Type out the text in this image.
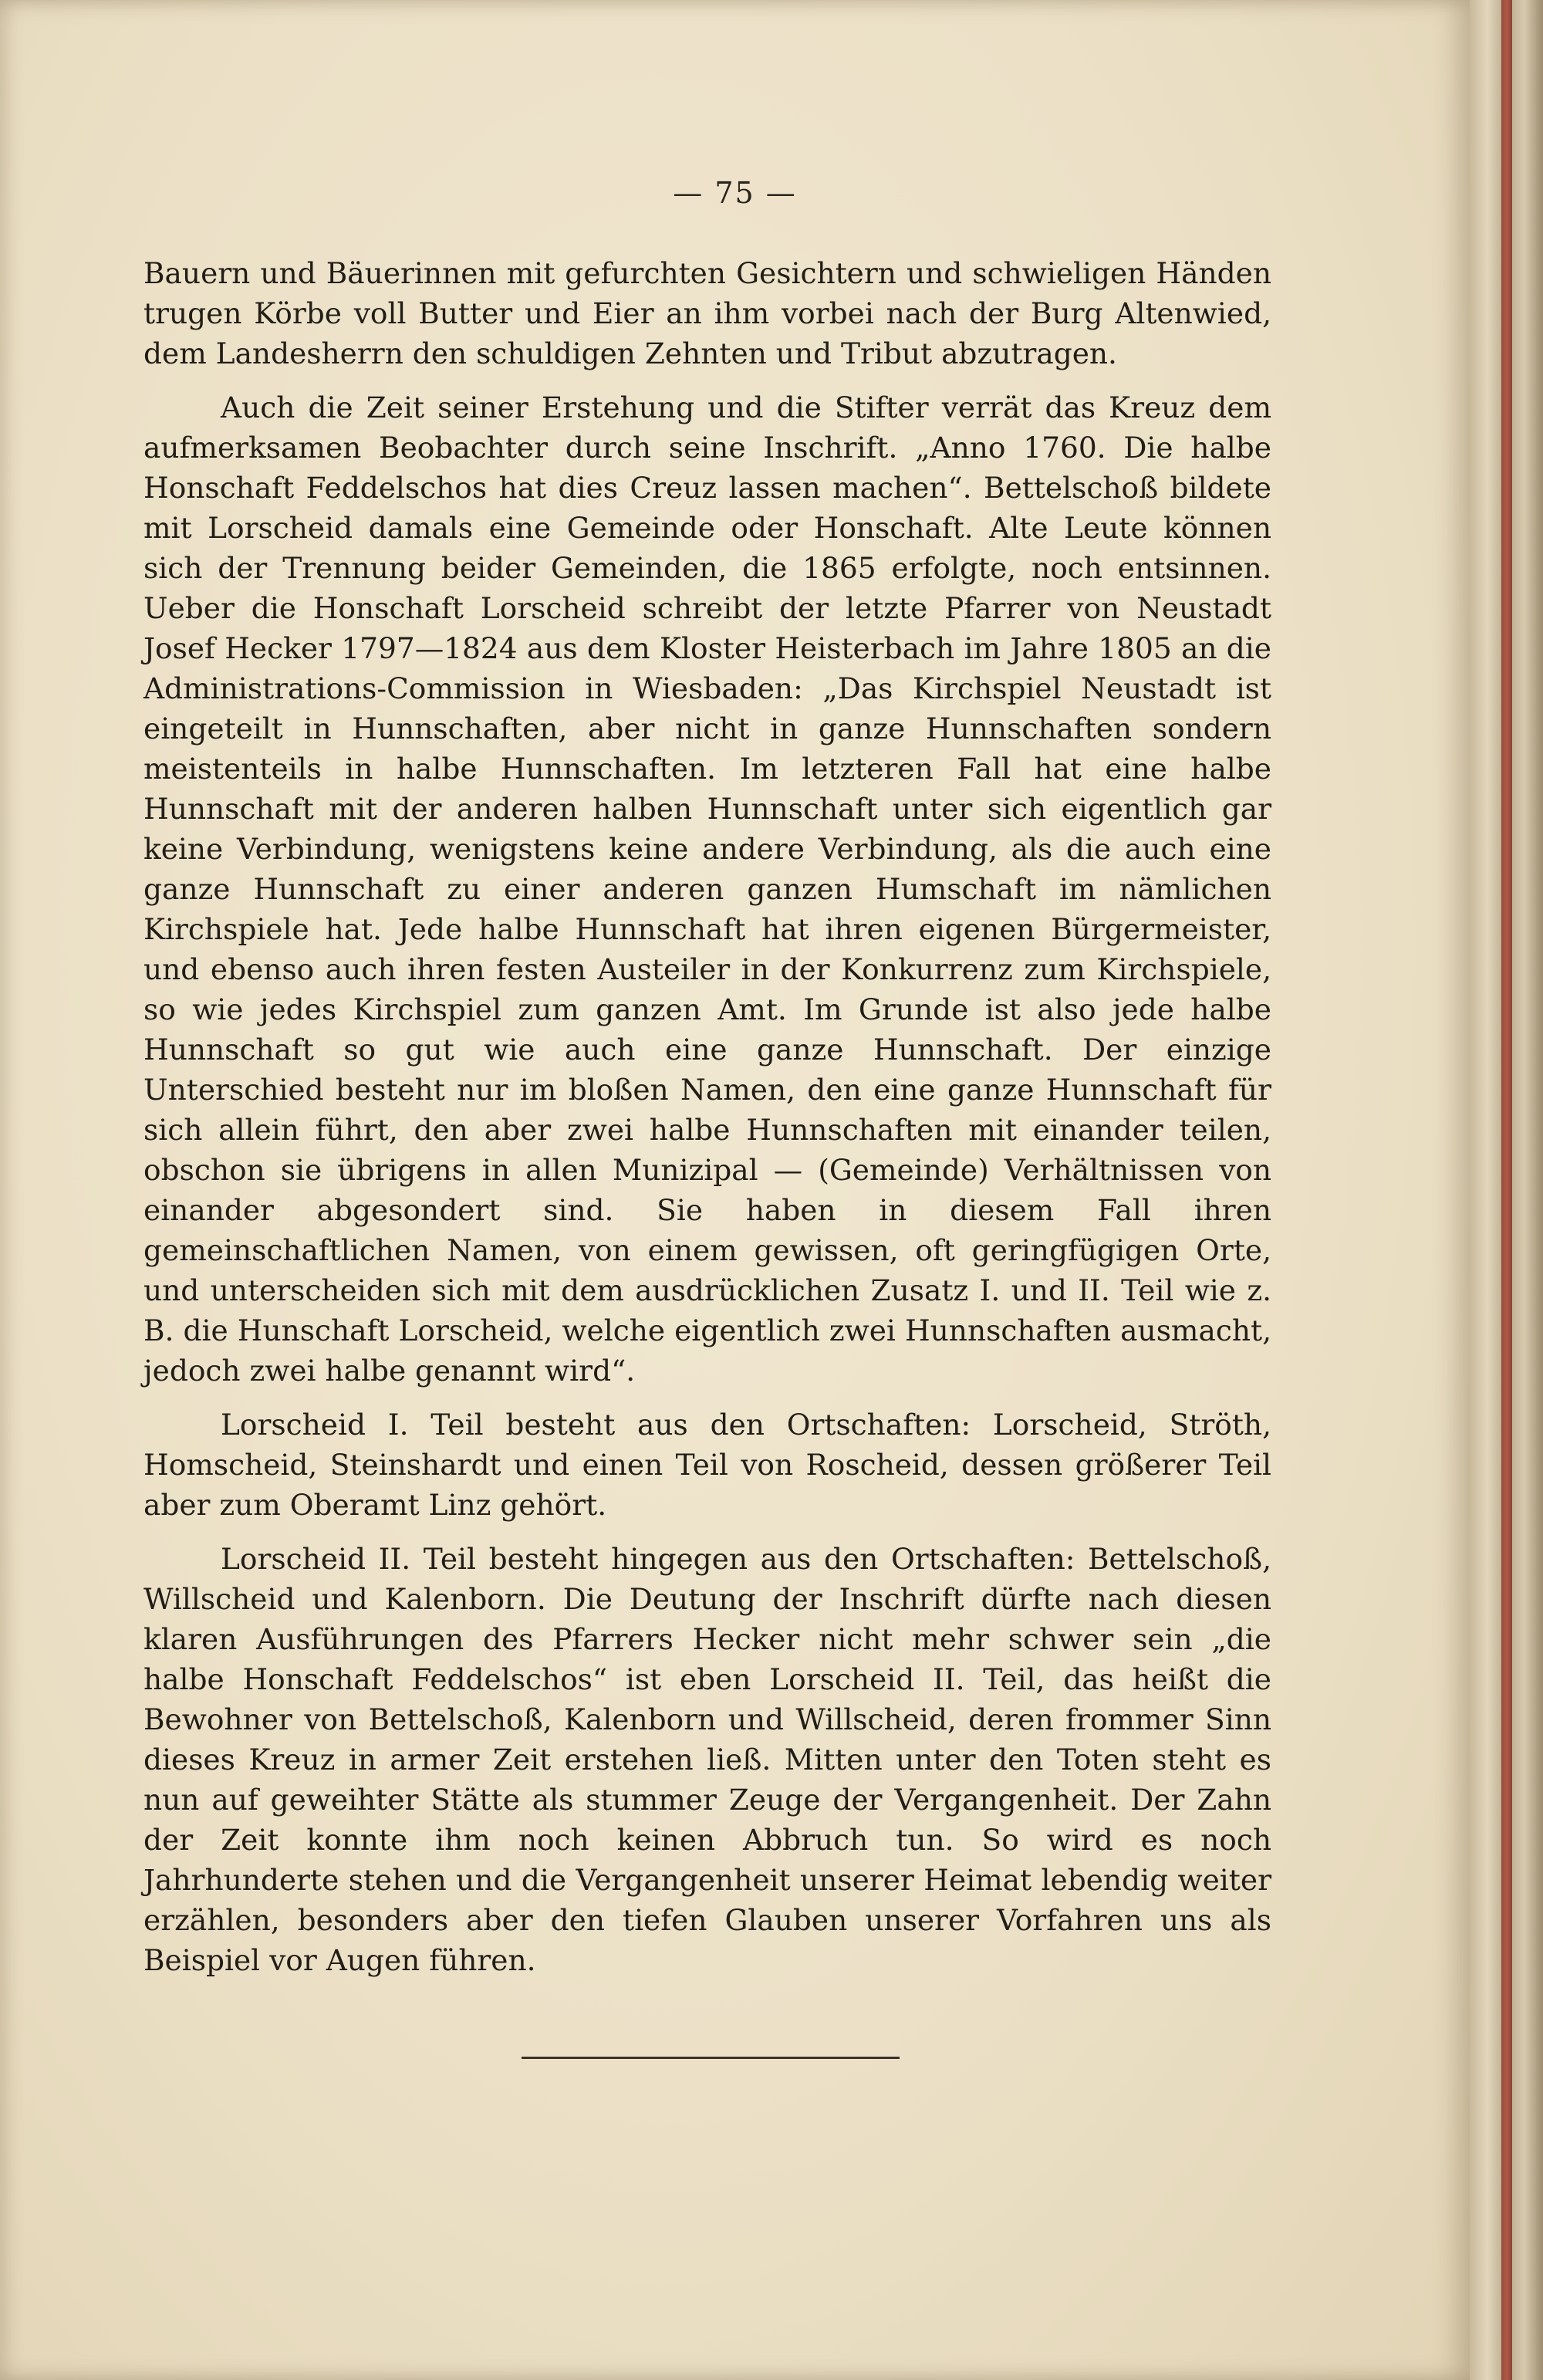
— 75 —

Bauern und Bäuerinnen mit gefurchten Gesichtern und schwieligen Händen trugen Körbe voll Butter und Eier an ihm vorbei nach der Burg Altenwied, dem Landesherrn den schuldigen Zehnten und Tribut abzutragen.

Auch die Zeit seiner Erstehung und die Stifter verrät das Kreuz dem aufmerksamen Beobachter durch seine Inschrift. „Anno 1760. Die halbe Honschaft Feddelschos hat dies Creuz lassen machen“. Bettelschoß bildete mit Lorscheid damals eine Gemeinde oder Honschaft. Alte Leute können sich der Trennung beider Gemeinden, die 1865 erfolgte, noch entsinnen. Ueber die Honschaft Lorscheid schreibt der letzte Pfarrer von Neustadt Josef Hecker 1797—1824 aus dem Kloster Heisterbach im Jahre 1805 an die Administrations-Commission in Wiesbaden: „Das Kirchspiel Neustadt ist eingeteilt in Hunnschaften, aber nicht in ganze Hunnschaften sondern meistenteils in halbe Hunnschaften. Im letzteren Fall hat eine halbe Hunnschaft mit der anderen halben Hunnschaft unter sich eigentlich gar keine Verbindung, wenigstens keine andere Verbindung, als die auch eine ganze Hunnschaft zu einer anderen ganzen Humschaft im nämlichen Kirchspiele hat. Jede halbe Hunnschaft hat ihren eigenen Bürgermeister, und ebenso auch ihren festen Austeiler in der Konkurrenz zum Kirchspiele, so wie jedes Kirchspiel zum ganzen Amt. Im Grunde ist also jede halbe Hunnschaft so gut wie auch eine ganze Hunnschaft. Der einzige Unterschied besteht nur im bloßen Namen, den eine ganze Hunnschaft für sich allein führt, den aber zwei halbe Hunnschaften mit einander teilen, obschon sie übrigens in allen Munizipal — (Gemeinde) Verhältnissen von einander abgesondert sind. Sie haben in diesem Fall ihren gemeinschaftlichen Namen, von einem gewissen, oft geringfügigen Orte, und unterscheiden sich mit dem ausdrücklichen Zusatz I. und II. Teil wie z. B. die Hunschaft Lorscheid, welche eigentlich zwei Hunnschaften ausmacht, jedoch zwei halbe genannt wird“.

Lorscheid I. Teil besteht aus den Ortschaften: Lorscheid, Ströth, Homscheid, Steinshardt und einen Teil von Roscheid, dessen größerer Teil aber zum Oberamt Linz gehört.

Lorscheid II. Teil besteht hingegen aus den Ortschaften: Bettelschoß, Willscheid und Kalenborn. Die Deutung der Inschrift dürfte nach diesen klaren Ausführungen des Pfarrers Hecker nicht mehr schwer sein „die halbe Honschaft Feddelschos“ ist eben Lorscheid II. Teil, das heißt die Bewohner von Bettelschoß, Kalenborn und Willscheid, deren frommer Sinn dieses Kreuz in armer Zeit erstehen ließ. Mitten unter den Toten steht es nun auf geweihter Stätte als stummer Zeuge der Vergangenheit. Der Zahn der Zeit konnte ihm noch keinen Abbruch tun. So wird es noch Jahrhunderte stehen und die Vergangenheit unserer Heimat lebendig weiter erzählen, besonders aber den tiefen Glauben unserer Vorfahren uns als Beispiel vor Augen führen.
